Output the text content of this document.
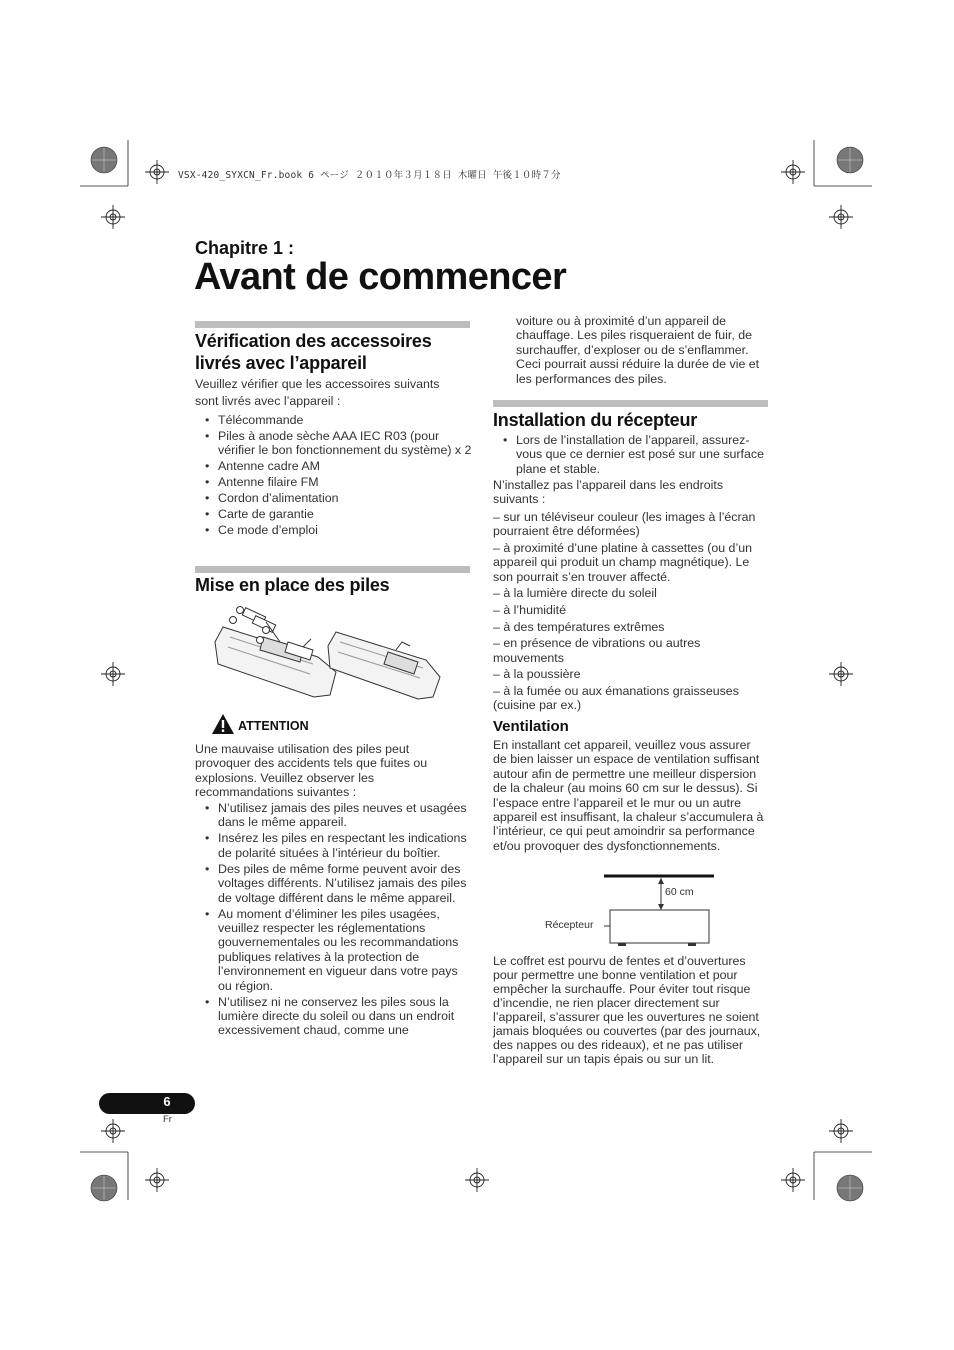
VSX-420_SYXCN_Fr.book 6 ページ ２０１０年３月１８日 木曜日 午後１０時７分
Chapitre 1 :
Avant de commencer
Vérification des accessoires
livrés avec l’appareil
Veuillez vérifier que les accessoires suivants sont livrés avec l’appareil :
• Télécommande
• Piles à anode sèche AAA IEC R03 (pour vérifier le bon fonctionnement du système) x 2
• Antenne cadre AM
• Antenne filaire FM
• Cordon d’alimentation
• Carte de garantie
• Ce mode d’emploi
Mise en place des piles
ATTENTION
Une mauvaise utilisation des piles peut provoquer des accidents tels que fuites ou explosions. Veuillez observer les recommandations suivantes :
• N’utilisez jamais des piles neuves et usagées dans le même appareil.
• Insérez les piles en respectant les indications de polarité situées à l’intérieur du boîtier.
• Des piles de même forme peuvent avoir des voltages différents. N’utilisez jamais des piles de voltage différent dans le même appareil.
• Au moment d’éliminer les piles usagées, veuillez respecter les réglementations gouvernementales ou les recommandations publiques relatives à la protection de l’environnement en vigueur dans votre pays ou région.
• N’utilisez ni ne conservez les piles sous la lumière directe du soleil ou dans un endroit excessivement chaud, comme une
voiture ou à proximité d’un appareil de chauffage. Les piles risqueraient de fuir, de surchauffer, d’exploser ou de s’enflammer. Ceci pourrait aussi réduire la durée de vie et les performances des piles.
Installation du récepteur
• Lors de l’installation de l’appareil, assurez-vous que ce dernier est posé sur une surface plane et stable.
N’installez pas l’appareil dans les endroits suivants :

– sur un téléviseur couleur (les images à l’écran pourraient être déformées)

– à proximité d’une platine à cassettes (ou d’un appareil qui produit un champ magnétique). Le son pourrait s’en trouver affecté.

– à la lumière directe du soleil

– à l’humidité

– à des températures extrêmes

– en présence de vibrations ou autres mouvements

– à la poussière

– à la fumée ou aux émanations graisseuses (cuisine par ex.)

Ventilation
En installant cet appareil, veuillez vous assurer de bien laisser un espace de ventilation suffisant autour afin de permettre une meilleur dispersion de la chaleur (au moins 60 cm sur le dessus). Si l’espace entre l’appareil et le mur ou un autre appareil est insuffisant, la chaleur s’accumulera à l’intérieur, ce qui peut amoindrir sa performance et/ou provoquer des dysfonctionnements.
60 cm
Récepteur
Le coffret est pourvu de fentes et d’ouvertures pour permettre une bonne ventilation et pour empêcher la surchauffe. Pour éviter tout risque d’incendie, ne rien placer directement sur l’appareil, s’assurer que les ouvertures ne soient jamais bloquées ou couvertes (par des journaux, des nappes ou des rideaux), et ne pas utiliser l’appareil sur un tapis épais ou sur un lit.
6
Fr
